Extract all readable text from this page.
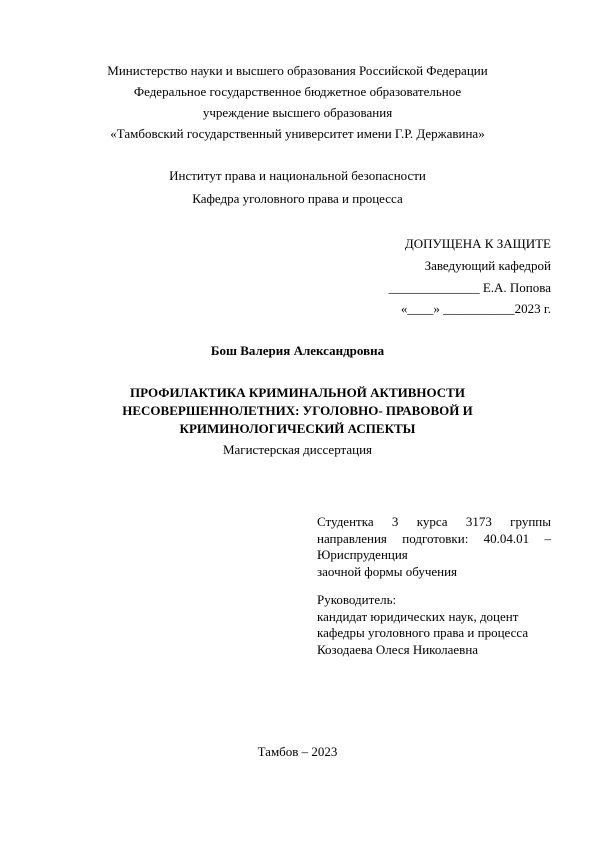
Министерство науки и высшего образования Российской Федерации
Федеральное государственное бюджетное образовательное
учреждение высшего образования
«Тамбовский государственный университет имени Г.Р. Державина»
Институт права и национальной безопасности
Кафедра уголовного права и процесса
ДОПУЩЕНА К ЗАЩИТЕ
Заведующий кафедрой
______________ Е.А. Попова
«____» ___________2023 г.
Бош Валерия Александровна
ПРОФИЛАКТИКА КРИМИНАЛЬНОЙ АКТИВНОСТИ
НЕСОВЕРШЕННОЛЕТНИХ: УГОЛОВНО- ПРАВОВОЙ И
КРИМИНОЛОГИЧЕСКИЙ АСПЕКТЫ
Магистерская диссертация
Студентка 3 курса 3173 группы
направления подготовки: 40.04.01 –
Юриспруденция
заочной формы обучения
Руководитель:
кандидат юридических наук, доцент
кафедры уголовного права и процесса
Козодаева Олеся Николаевна
Тамбов – 2023
